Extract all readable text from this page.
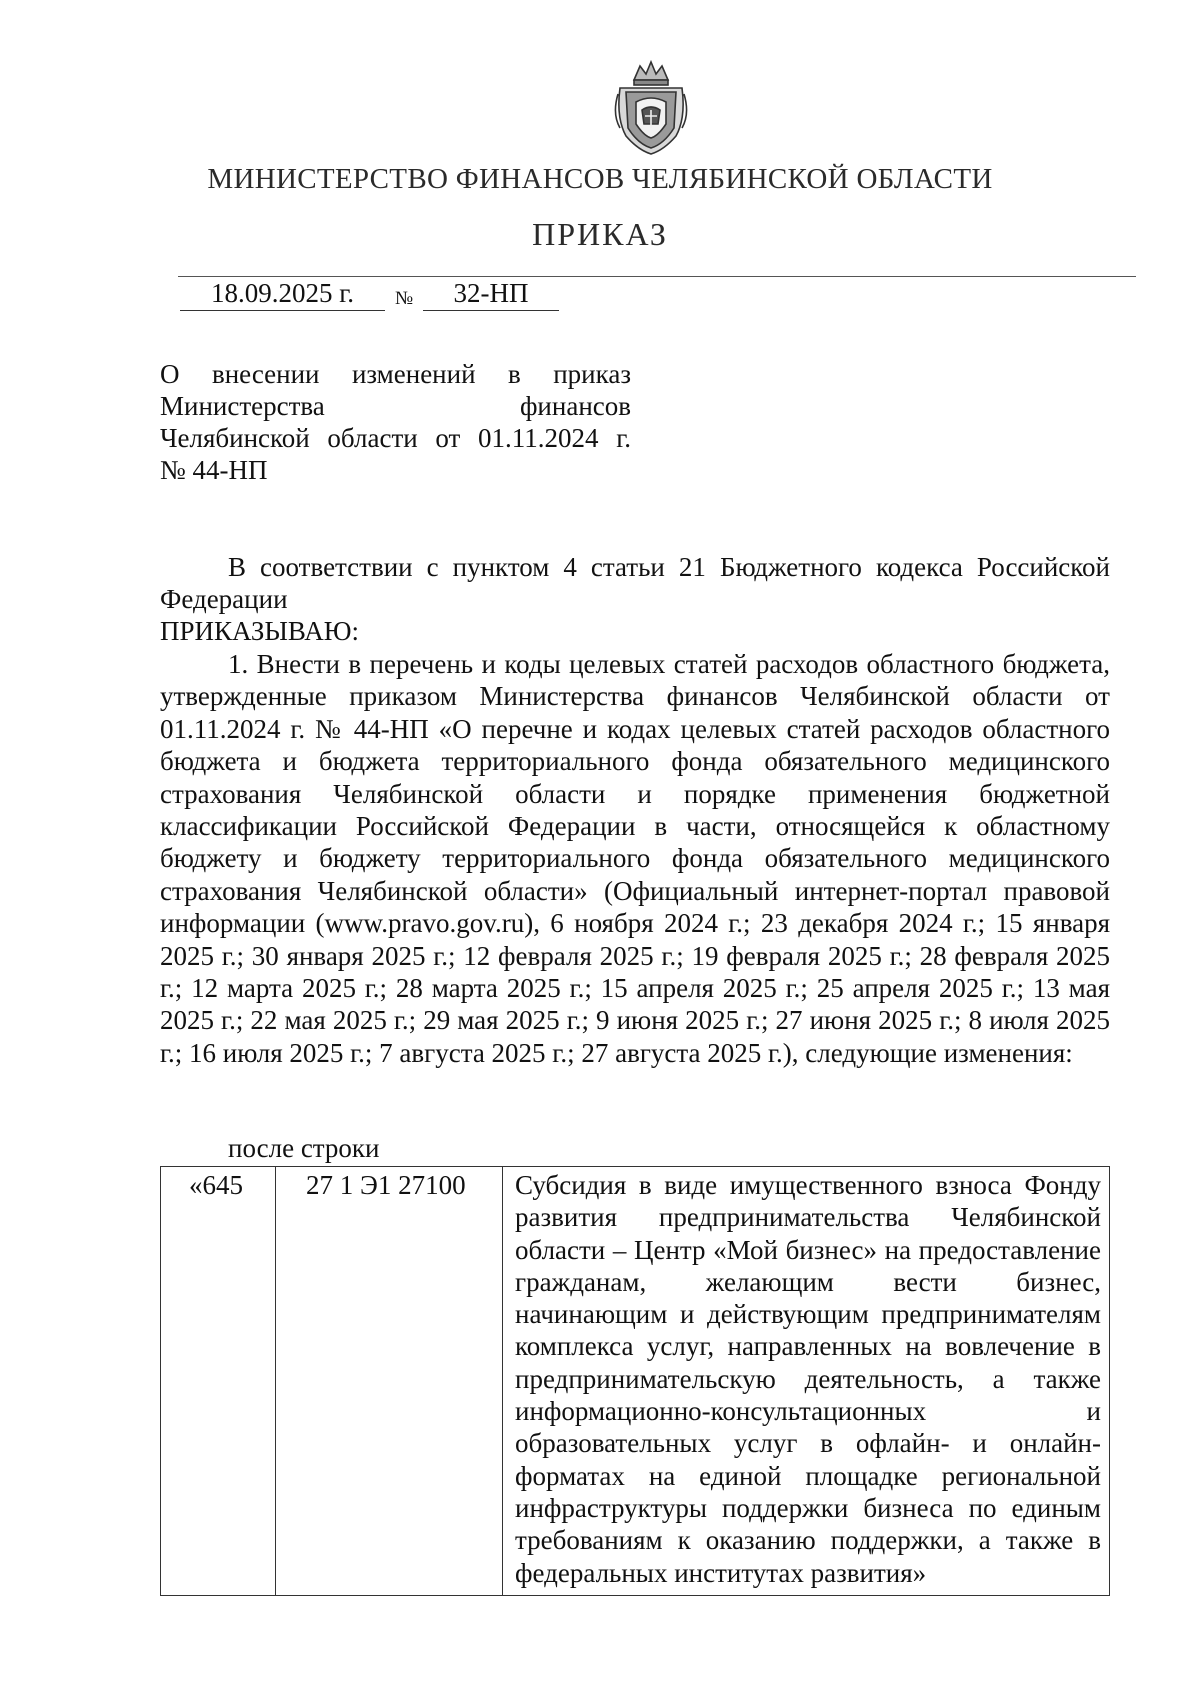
МИНИСТЕРСТВО ФИНАНСОВ ЧЕЛЯБИНСКОЙ ОБЛАСТИ
ПРИКАЗ
18.09.2025 г.	№	32-НП
О внесении изменений в приказ
Министерства финансов
Челябинской области от 01.11.2024 г.
№ 44-НП
В соответствии с пунктом 4 статьи 21 Бюджетного кодекса Российской Федерации
ПРИКАЗЫВАЮ:
1. Внести в перечень и коды целевых статей расходов областного бюджета, утвержденные приказом Министерства финансов Челябинской области от 01.11.2024 г. № 44-НП «О перечне и кодах целевых статей расходов областного бюджета и бюджета территориального фонда обязательного медицинского страхования Челябинской области и порядке применения бюджетной классификации Российской Федерации в части, относящейся к областному бюджету и бюджету территориального фонда обязательного медицинского страхования Челябинской области» (Официальный интернет-портал правовой информации (www.pravo.gov.ru), 6 ноября 2024 г.; 23 декабря 2024 г.; 15 января 2025 г.; 30 января 2025 г.; 12 февраля 2025 г.; 19 февраля 2025 г.; 28 февраля 2025 г.; 12 марта 2025 г.; 28 марта 2025 г.; 15 апреля 2025 г.; 25 апреля 2025 г.; 13 мая 2025 г.; 22 мая 2025 г.; 29 мая 2025 г.; 9 июня 2025 г.; 27 июня 2025 г.; 8 июля 2025 г.; 16 июля 2025 г.; 7 августа 2025 г.; 27 августа 2025 г.), следующие изменения:
после строки
«645	27 1 Э1 27100	Субсидия в виде имущественного взноса Фонду развития предпринимательства Челябинской области – Центр «Мой бизнес» на предоставление гражданам, желающим вести бизнес, начинающим и действующим предпринимателям комплекса услуг, направленных на вовлечение в предпринимательскую деятельность, а также информационно-консультационных и образовательных услуг в офлайн- и онлайн-форматах на единой площадке региональной инфраструктуры поддержки бизнеса по единым требованиям к оказанию поддержки, а также в федеральных институтах развития»
